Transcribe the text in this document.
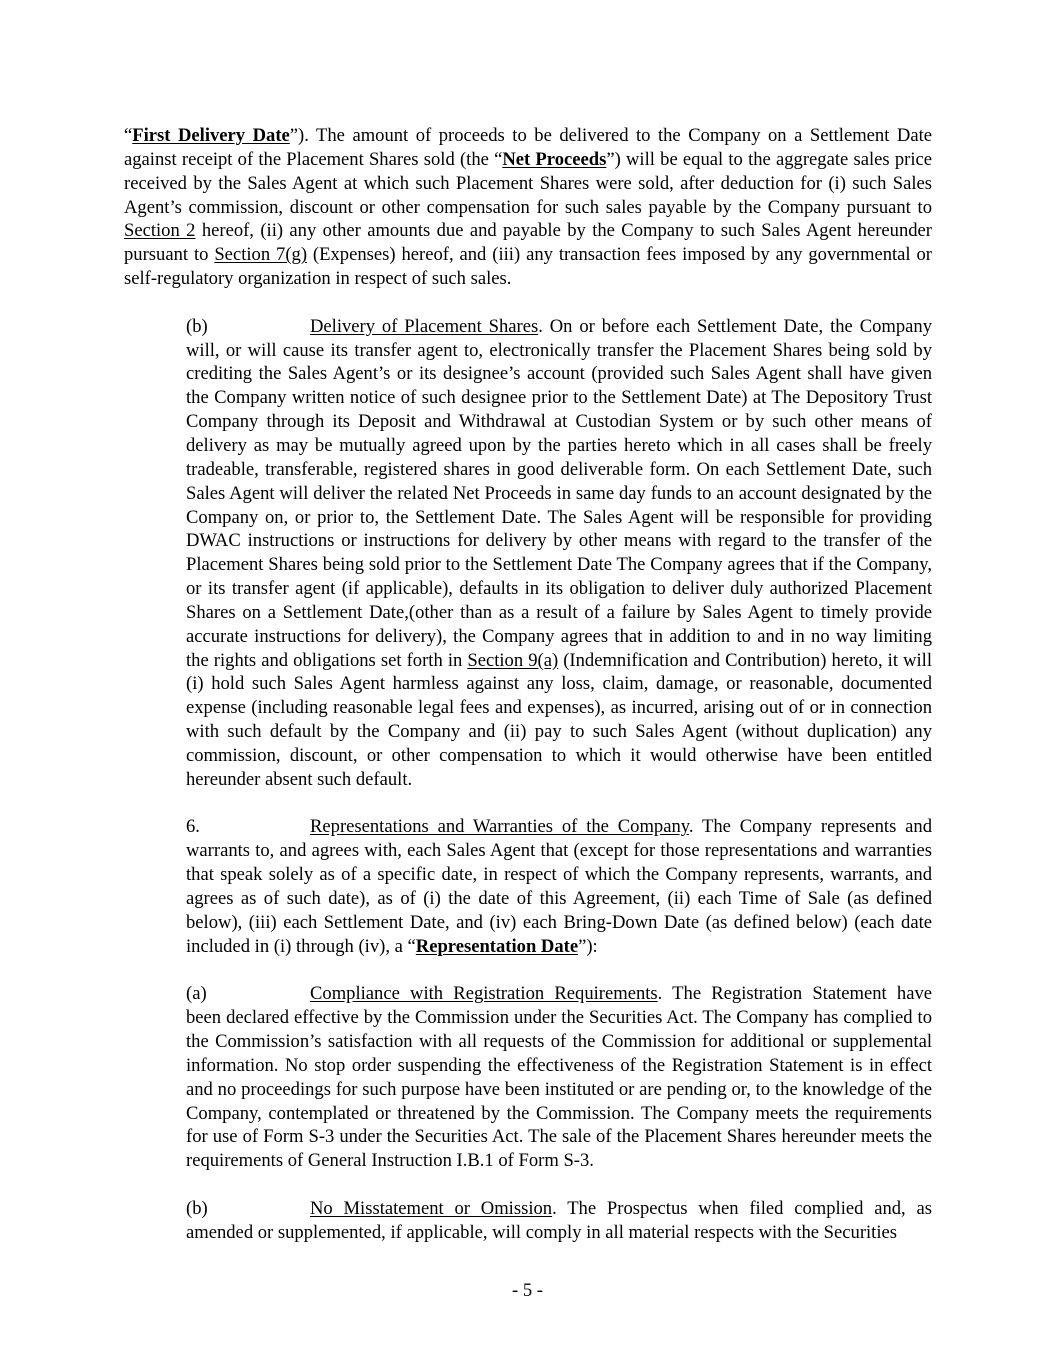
“First Delivery Date”). The amount of proceeds to be delivered to the Company on a Settlement Date against receipt of the Placement Shares sold (the “Net Proceeds”) will be equal to the aggregate sales price received by the Sales Agent at which such Placement Shares were sold, after deduction for (i) such Sales Agent’s commission, discount or other compensation for such sales payable by the Company pursuant to Section 2 hereof, (ii) any other amounts due and payable by the Company to such Sales Agent hereunder pursuant to Section 7(g) (Expenses) hereof, and (iii) any transaction fees imposed by any governmental or self-regulatory organization in respect of such sales.

(b)	Delivery of Placement Shares. On or before each Settlement Date, the Company will, or will cause its transfer agent to, electronically transfer the Placement Shares being sold by crediting the Sales Agent’s or its designee’s account (provided such Sales Agent shall have given the Company written notice of such designee prior to the Settlement Date) at The Depository Trust Company through its Deposit and Withdrawal at Custodian System or by such other means of delivery as may be mutually agreed upon by the parties hereto which in all cases shall be freely tradeable, transferable, registered shares in good deliverable form. On each Settlement Date, such Sales Agent will deliver the related Net Proceeds in same day funds to an account designated by the Company on, or prior to, the Settlement Date. The Sales Agent will be responsible for providing DWAC instructions or instructions for delivery by other means with regard to the transfer of the Placement Shares being sold prior to the Settlement Date The Company agrees that if the Company, or its transfer agent (if applicable), defaults in its obligation to deliver duly authorized Placement Shares on a Settlement Date,(other than as a result of a failure by Sales Agent to timely provide accurate instructions for delivery), the Company agrees that in addition to and in no way limiting the rights and obligations set forth in Section 9(a) (Indemnification and Contribution) hereto, it will (i) hold such Sales Agent harmless against any loss, claim, damage, or reasonable, documented expense (including reasonable legal fees and expenses), as incurred, arising out of or in connection with such default by the Company and (ii) pay to such Sales Agent (without duplication) any commission, discount, or other compensation to which it would otherwise have been entitled hereunder absent such default.

6.	Representations and Warranties of the Company. The Company represents and warrants to, and agrees with, each Sales Agent that (except for those representations and warranties that speak solely as of a specific date, in respect of which the Company represents, warrants, and agrees as of such date), as of (i) the date of this Agreement, (ii) each Time of Sale (as defined below), (iii) each Settlement Date, and (iv) each Bring-Down Date (as defined below) (each date included in (i) through (iv), a “Representation Date”):

(a)	Compliance with Registration Requirements. The Registration Statement have been declared effective by the Commission under the Securities Act. The Company has complied to the Commission’s satisfaction with all requests of the Commission for additional or supplemental information. No stop order suspending the effectiveness of the Registration Statement is in effect and no proceedings for such purpose have been instituted or are pending or, to the knowledge of the Company, contemplated or threatened by the Commission. The Company meets the requirements for use of Form S-3 under the Securities Act. The sale of the Placement Shares hereunder meets the requirements of General Instruction I.B.1 of Form S-3.

(b)	No Misstatement or Omission. The Prospectus when filed complied and, as amended or supplemented, if applicable, will comply in all material respects with the Securities

- 5 -
